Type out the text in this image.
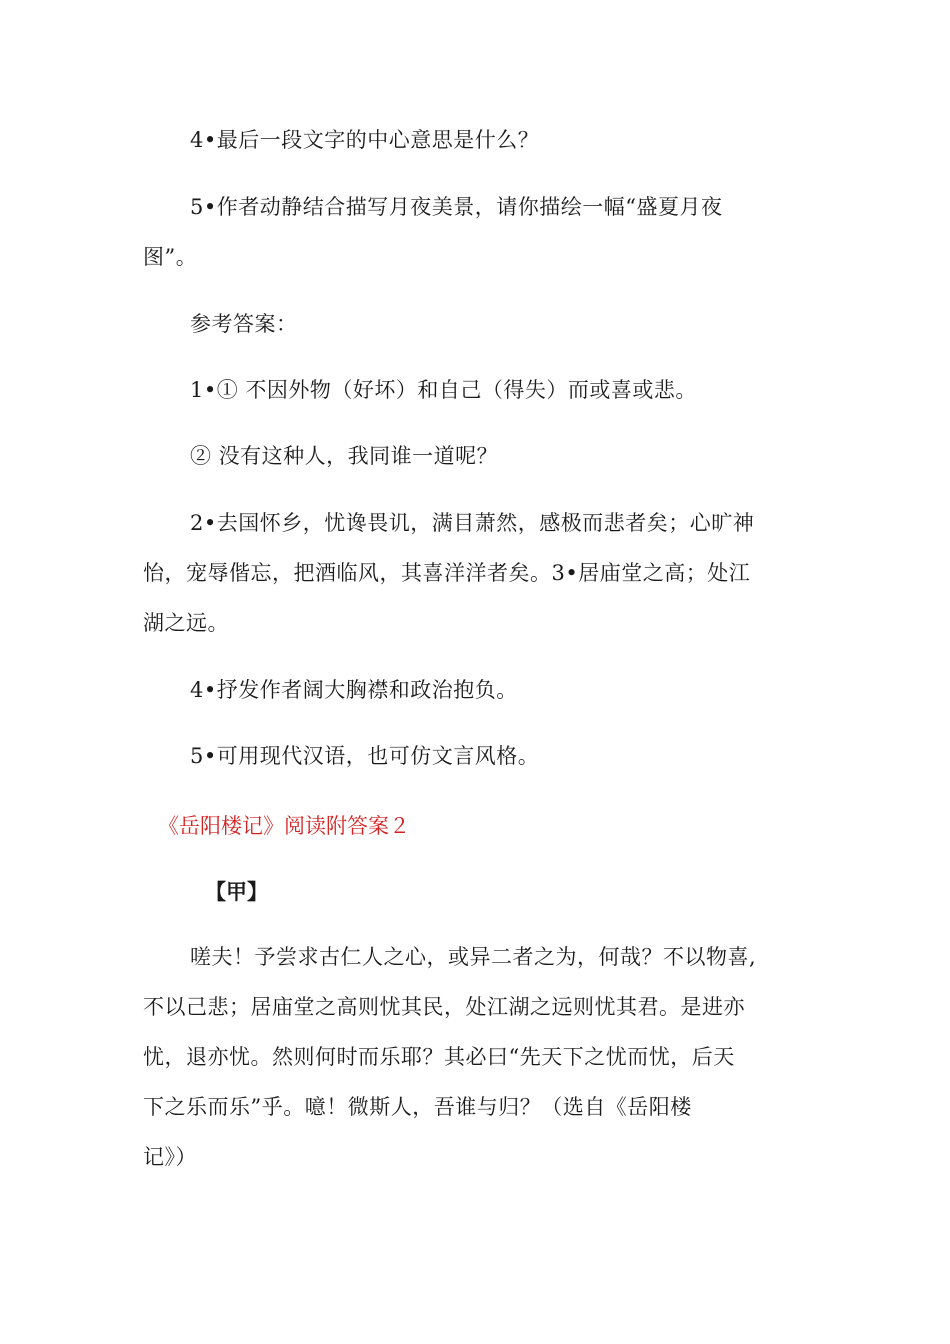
4•最后一段文字的中心意思是什么？
5•作者动静结合描写月夜美景，请你描绘一幅“盛夏月夜
图”。
参考答案：
1•① 不因外物（好坏）和自己（得失）而或喜或悲。
② 没有这种人，我同谁一道呢？
2•去国怀乡，忧谗畏讥，满目萧然，感极而悲者矣；心旷神
怡，宠辱偕忘，把酒临风，其喜洋洋者矣。3•居庙堂之高；处江
湖之远。
4•抒发作者阔大胸襟和政治抱负。
5•可用现代汉语，也可仿文言风格。
《岳阳楼记》阅读附答案２
【甲】
嗟夫！予尝求古仁人之心，或异二者之为，何哉？不以物喜,
不以己悲；居庙堂之高则忧其民，处江湖之远则忧其君。是进亦
忧，退亦忧。然则何时而乐耶？其必曰“先天下之忧而忧，后天
下之乐而乐”乎。噫！微斯人，吾谁与归？（选自《岳阳楼
记》）
